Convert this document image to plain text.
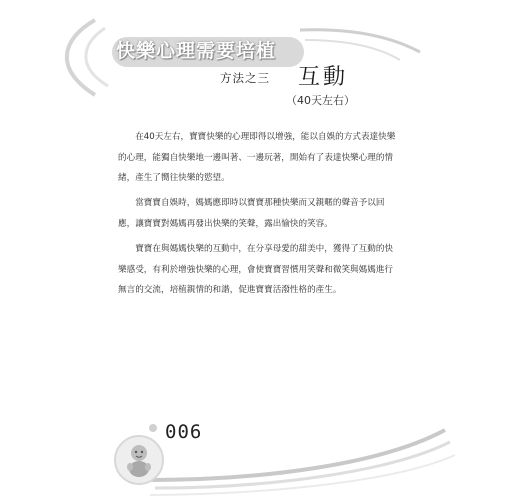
快樂心理需要培植
方法之三 互動
（40天左右）

在40天左右，寶寶快樂的心理即得以增強，能以自娛的方式表達快樂的心理，能獨自快樂地一邊叫著、一邊玩著，開始有了表達快樂心理的情緒，產生了嚮往快樂的慾望。

當寶寶自娛時，媽媽應即時以寶寶那種快樂而又親暱的聲音予以回應，讓寶寶對媽媽再發出快樂的笑聲，露出愉快的笑容。

寶寶在與媽媽快樂的互動中，在分享母愛的甜美中，獲得了互動的快樂感受，有利於增強快樂的心理，會使寶寶習慣用笑聲和微笑與媽媽進行無言的交流，培植親情的和諧，促進寶寶活潑性格的產生。

006
